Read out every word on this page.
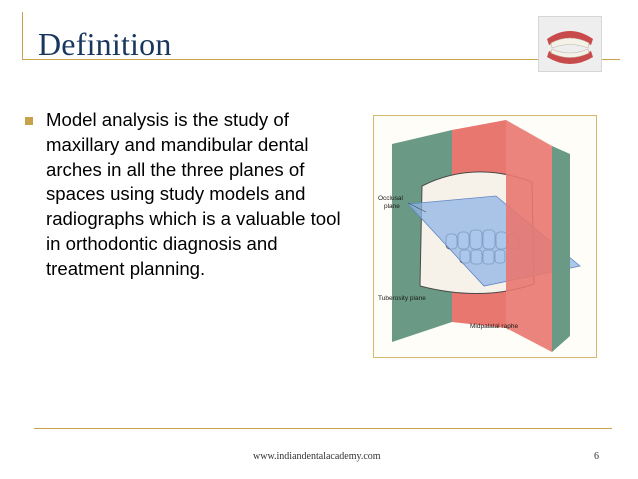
Definition
Model analysis is the study of maxillary and mandibular dental arches in all the three planes of spaces using study models and radiographs which is a valuable tool in orthodontic diagnosis and treatment planning.
Occlusal
plane
Tuberosity plane
Midpalatal raphe
www.indiandentalacademy.com	6
